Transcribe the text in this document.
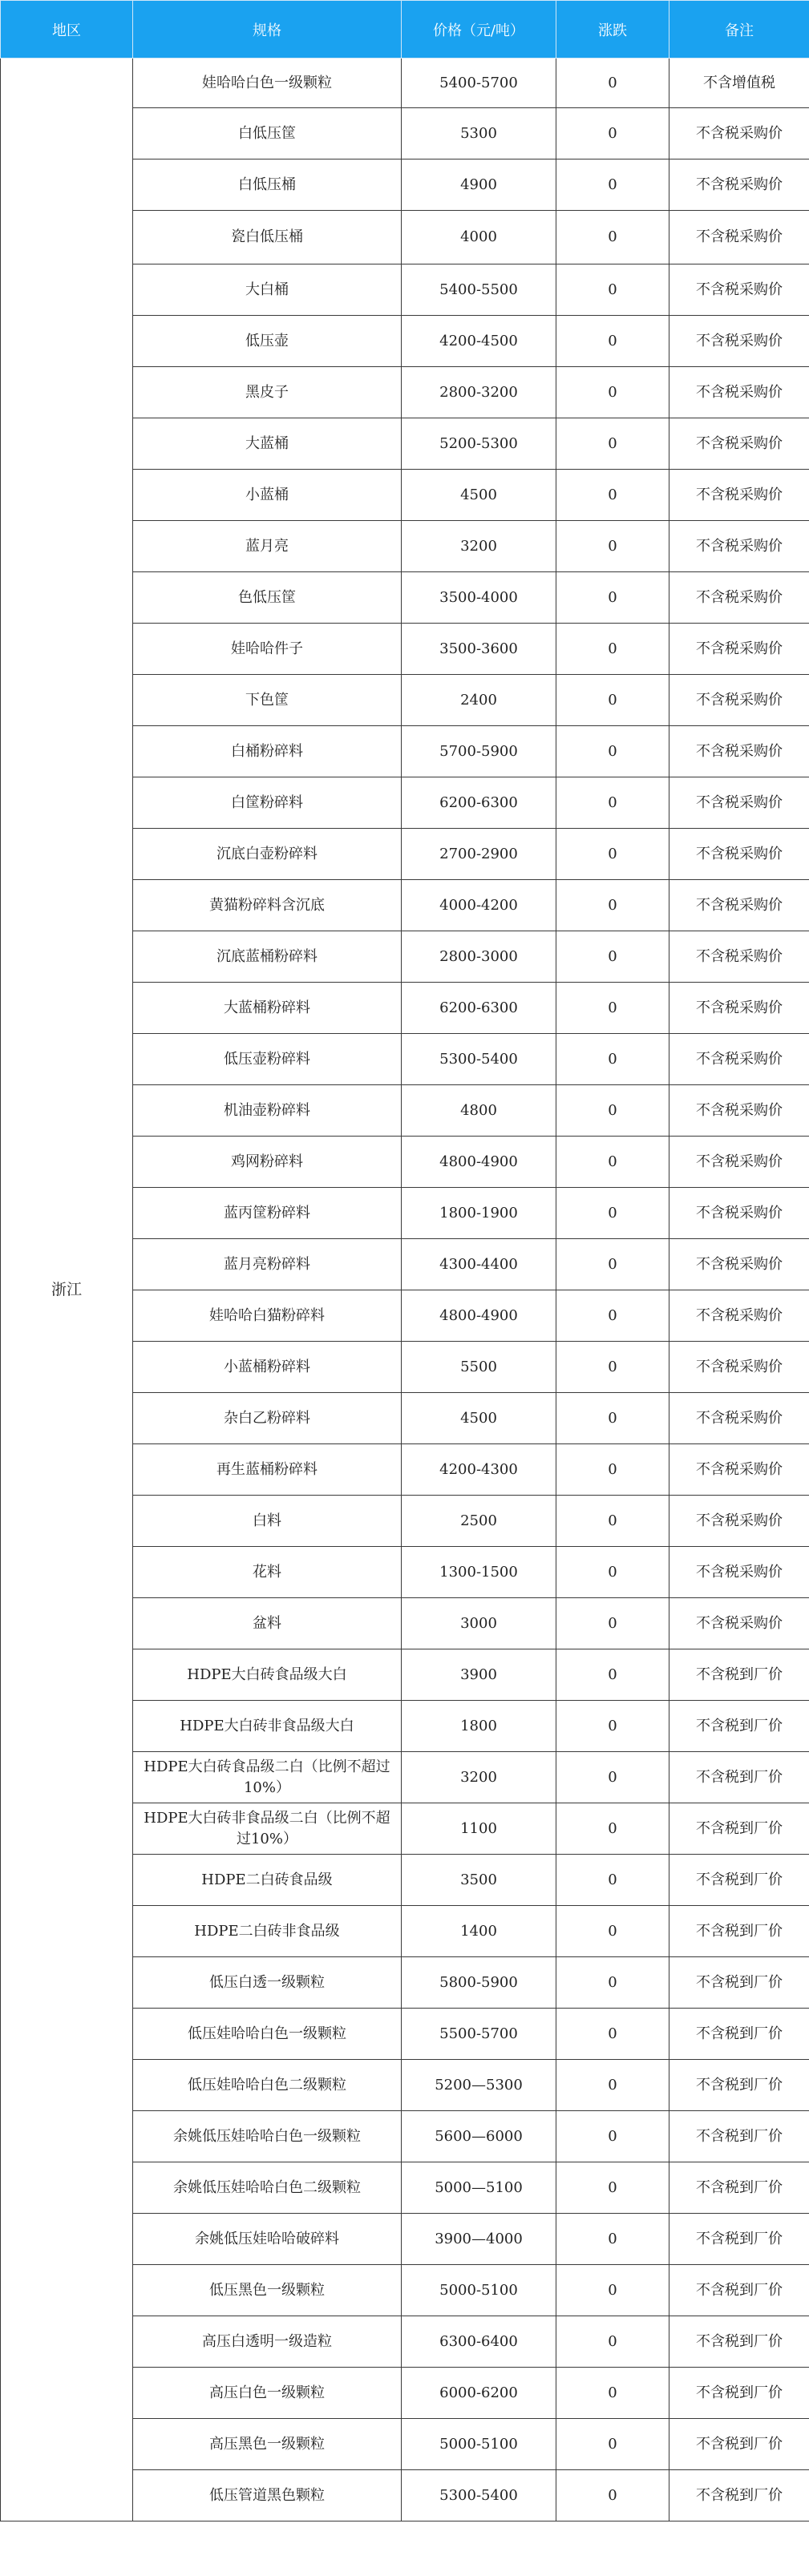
地区	规格	价格（元/吨）	涨跌	备注
浙江	娃哈哈白色一级颗粒	5400-5700	0	不含增值税
	白低压筐	5300	0	不含税采购价
	白低压桶	4900	0	不含税采购价
	瓷白低压桶	4000	0	不含税采购价
	大白桶	5400-5500	0	不含税采购价
	低压壶	4200-4500	0	不含税采购价
	黑皮子	2800-3200	0	不含税采购价
	大蓝桶	5200-5300	0	不含税采购价
	小蓝桶	4500	0	不含税采购价
	蓝月亮	3200	0	不含税采购价
	色低压筐	3500-4000	0	不含税采购价
	娃哈哈件子	3500-3600	0	不含税采购价
	下色筐	2400	0	不含税采购价
	白桶粉碎料	5700-5900	0	不含税采购价
	白筐粉碎料	6200-6300	0	不含税采购价
	沉底白壶粉碎料	2700-2900	0	不含税采购价
	黄猫粉碎料含沉底	4000-4200	0	不含税采购价
	沉底蓝桶粉碎料	2800-3000	0	不含税采购价
	大蓝桶粉碎料	6200-6300	0	不含税采购价
	低压壶粉碎料	5300-5400	0	不含税采购价
	机油壶粉碎料	4800	0	不含税采购价
	鸡网粉碎料	4800-4900	0	不含税采购价
	蓝丙筐粉碎料	1800-1900	0	不含税采购价
	蓝月亮粉碎料	4300-4400	0	不含税采购价
	娃哈哈白猫粉碎料	4800-4900	0	不含税采购价
	小蓝桶粉碎料	5500	0	不含税采购价
	杂白乙粉碎料	4500	0	不含税采购价
	再生蓝桶粉碎料	4200-4300	0	不含税采购价
	白料	2500	0	不含税采购价
	花料	1300-1500	0	不含税采购价
	盆料	3000	0	不含税采购价
	HDPE大白砖食品级大白	3900	0	不含税到厂价
	HDPE大白砖非食品级大白	1800	0	不含税到厂价
	HDPE大白砖食品级二白（比例不超过10%）	3200	0	不含税到厂价
	HDPE大白砖非食品级二白（比例不超过10%）	1100	0	不含税到厂价
	HDPE二白砖食品级	3500	0	不含税到厂价
	HDPE二白砖非食品级	1400	0	不含税到厂价
	低压白透一级颗粒	5800-5900	0	不含税到厂价
	低压娃哈哈白色一级颗粒	5500-5700	0	不含税到厂价
	低压娃哈哈白色二级颗粒	5200—5300	0	不含税到厂价
	余姚低压娃哈哈白色一级颗粒	5600—6000	0	不含税到厂价
	余姚低压娃哈哈白色二级颗粒	5000—5100	0	不含税到厂价
	余姚低压娃哈哈破碎料	3900—4000	0	不含税到厂价
	低压黑色一级颗粒	5000-5100	0	不含税到厂价
	高压白透明一级造粒	6300-6400	0	不含税到厂价
	高压白色一级颗粒	6000-6200	0	不含税到厂价
	高压黑色一级颗粒	5000-5100	0	不含税到厂价
	低压管道黑色颗粒	5300-5400	0	不含税到厂价
